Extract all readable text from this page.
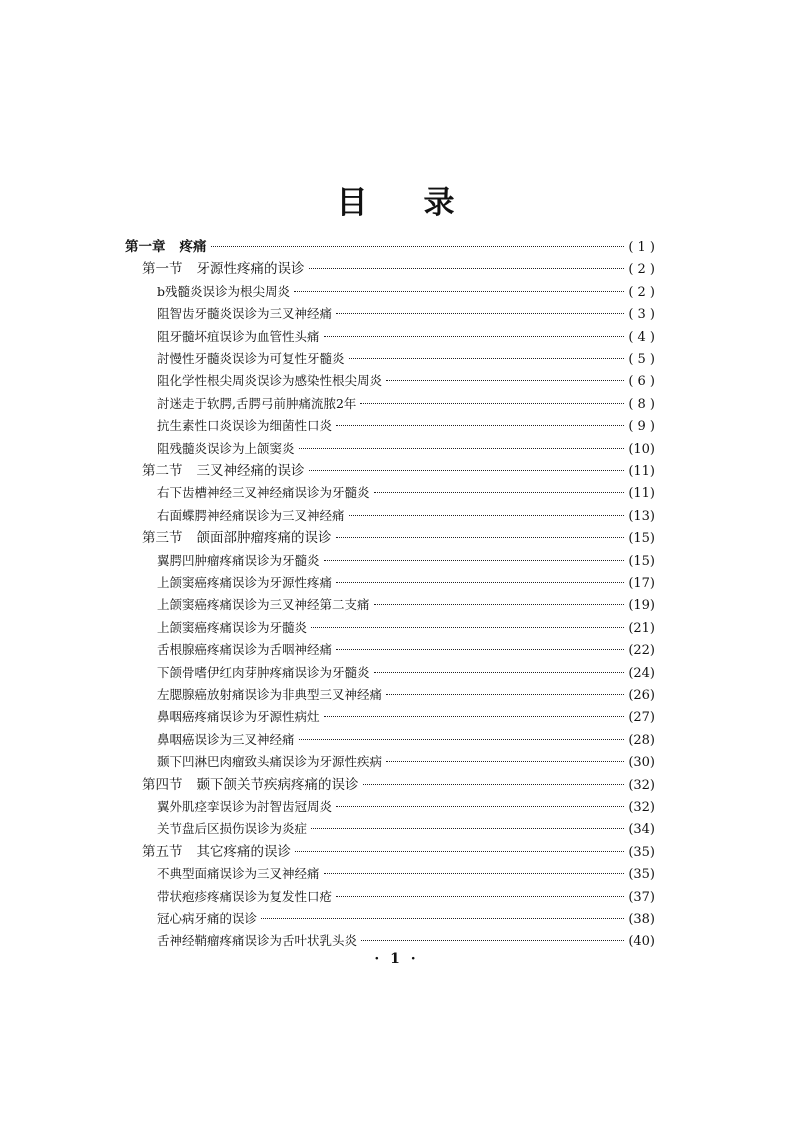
目 录
第一章 疼痛	( 1 )
第一节 牙源性疼痛的误诊	( 2 )
b残髓炎误诊为根尖周炎	( 2 )
阻智齿牙髓炎误诊为三叉神经痛	( 3 )
阻牙髓坏疽误诊为血管性头痛	( 4 )
討慢性牙髓炎误诊为可复性牙髓炎	( 5 )
阻化学性根尖周炎误诊为感染性根尖周炎	( 6 )
討迷走于软腭,舌腭弓前肿痛流脓2年	( 8 )
抗生素性口炎误诊为细菌性口炎	( 9 )
阻残髓炎误诊为上颌窦炎	(10)
第二节 三叉神经痛的误诊	(11)
右下齿槽神经三叉神经痛误诊为牙髓炎	(11)
右面蝶腭神经痛误诊为三叉神经痛	(13)
第三节 颌面部肿瘤疼痛的误诊	(15)
翼腭凹肿瘤疼痛误诊为牙髓炎	(15)
上颌窦癌疼痛误诊为牙源性疼痛	(17)
上颌窦癌疼痛误诊为三叉神经第二支痛	(19)
上颌窦癌疼痛误诊为牙髓炎	(21)
舌根腺癌疼痛误诊为舌咽神经痛	(22)
下颌骨嗜伊红肉芽肿疼痛误诊为牙髓炎	(24)
左腮腺癌放射痛误诊为非典型三叉神经痛	(26)
鼻咽癌疼痛误诊为牙源性病灶	(27)
鼻咽癌误诊为三叉神经痛	(28)
颞下凹淋巴肉瘤致头痛误诊为牙源性疾病	(30)
第四节 颞下颌关节疾病疼痛的误诊	(32)
翼外肌痉挛误诊为討智齿冠周炎	(32)
关节盘后区损伤误诊为炎症	(34)
第五节 其它疼痛的误诊	(35)
不典型面痛误诊为三叉神经痛	(35)
带状疱疹疼痛误诊为复发性口疮	(37)
冠心病牙痛的误诊	(38)
舌神经鞘瘤疼痛误诊为舌叶状乳头炎	(40)
· 1 ·
